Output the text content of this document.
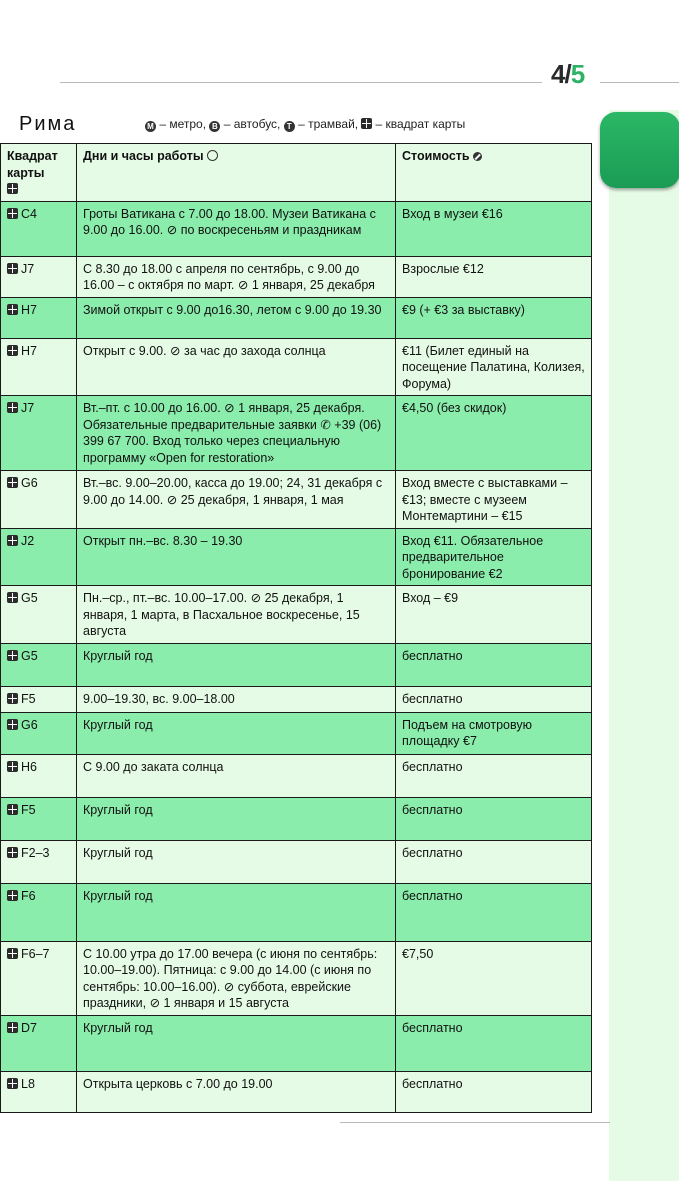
4/5
Рима	M – метро, B – автобус, T – трамвай, – квадрат карты
Квадрат карты	Дни и часы работы	Стоимость
C4	Гроты Ватикана с 7.00 до 18.00. Музеи Ватикана с 9.00 до 16.00. ⊘ по воскресеньям и праздникам	Вход в музеи €16
J7	С 8.30 до 18.00 с апреля по сентябрь, с 9.00 до 16.00 – с октября по март. ⊘ 1 января, 25 декабря	Взрослые €12
H7	Зимой открыт с 9.00 до16.30, летом с 9.00 до 19.30	€9 (+ €3 за выставку)
H7	Открыт с 9.00. ⊘ за час до захода солнца	€11 (Билет единый на посещение Палатина, Колизея, Форума)
J7	Вт.–пт. с 10.00 до 16.00. ⊘ 1 января, 25 декабря. Обязательные предварительные заявки ✆ +39 (06) 399 67 700. Вход только через специальную программу «Open for restoration»	€4,50 (без скидок)
G6	Вт.–вс. 9.00–20.00, касса до 19.00; 24, 31 декабря с 9.00 до 14.00. ⊘ 25 декабря, 1 января, 1 мая	Вход вместе с выставками – €13; вместе с музеем Монтемартини – €15
J2	Открыт пн.–вс. 8.30 – 19.30	Вход €11. Обязательное предварительное бронирование €2
G5	Пн.–ср., пт.–вс. 10.00–17.00. ⊘ 25 декабря, 1 января, 1 марта, в Пасхальное воскресенье, 15 августа	Вход – €9
G5	Круглый год	бесплатно
F5	9.00–19.30, вс. 9.00–18.00	бесплатно
G6	Круглый год	Подъем на смотровую площадку €7
H6	С 9.00 до заката солнца	бесплатно
F5	Круглый год	бесплатно
F2–3	Круглый год	бесплатно
F6	Круглый год	бесплатно
F6–7	С 10.00 утра до 17.00 вечера (с июня по сентябрь: 10.00–19.00). Пятница: с 9.00 до 14.00 (с июня по сентябрь: 10.00–16.00). ⊘ суббота, еврейские праздники, ⊘ 1 января и 15 августа	€7,50
D7	Круглый год	бесплатно
L8	Открыта церковь с 7.00 до 19.00	бесплатно
